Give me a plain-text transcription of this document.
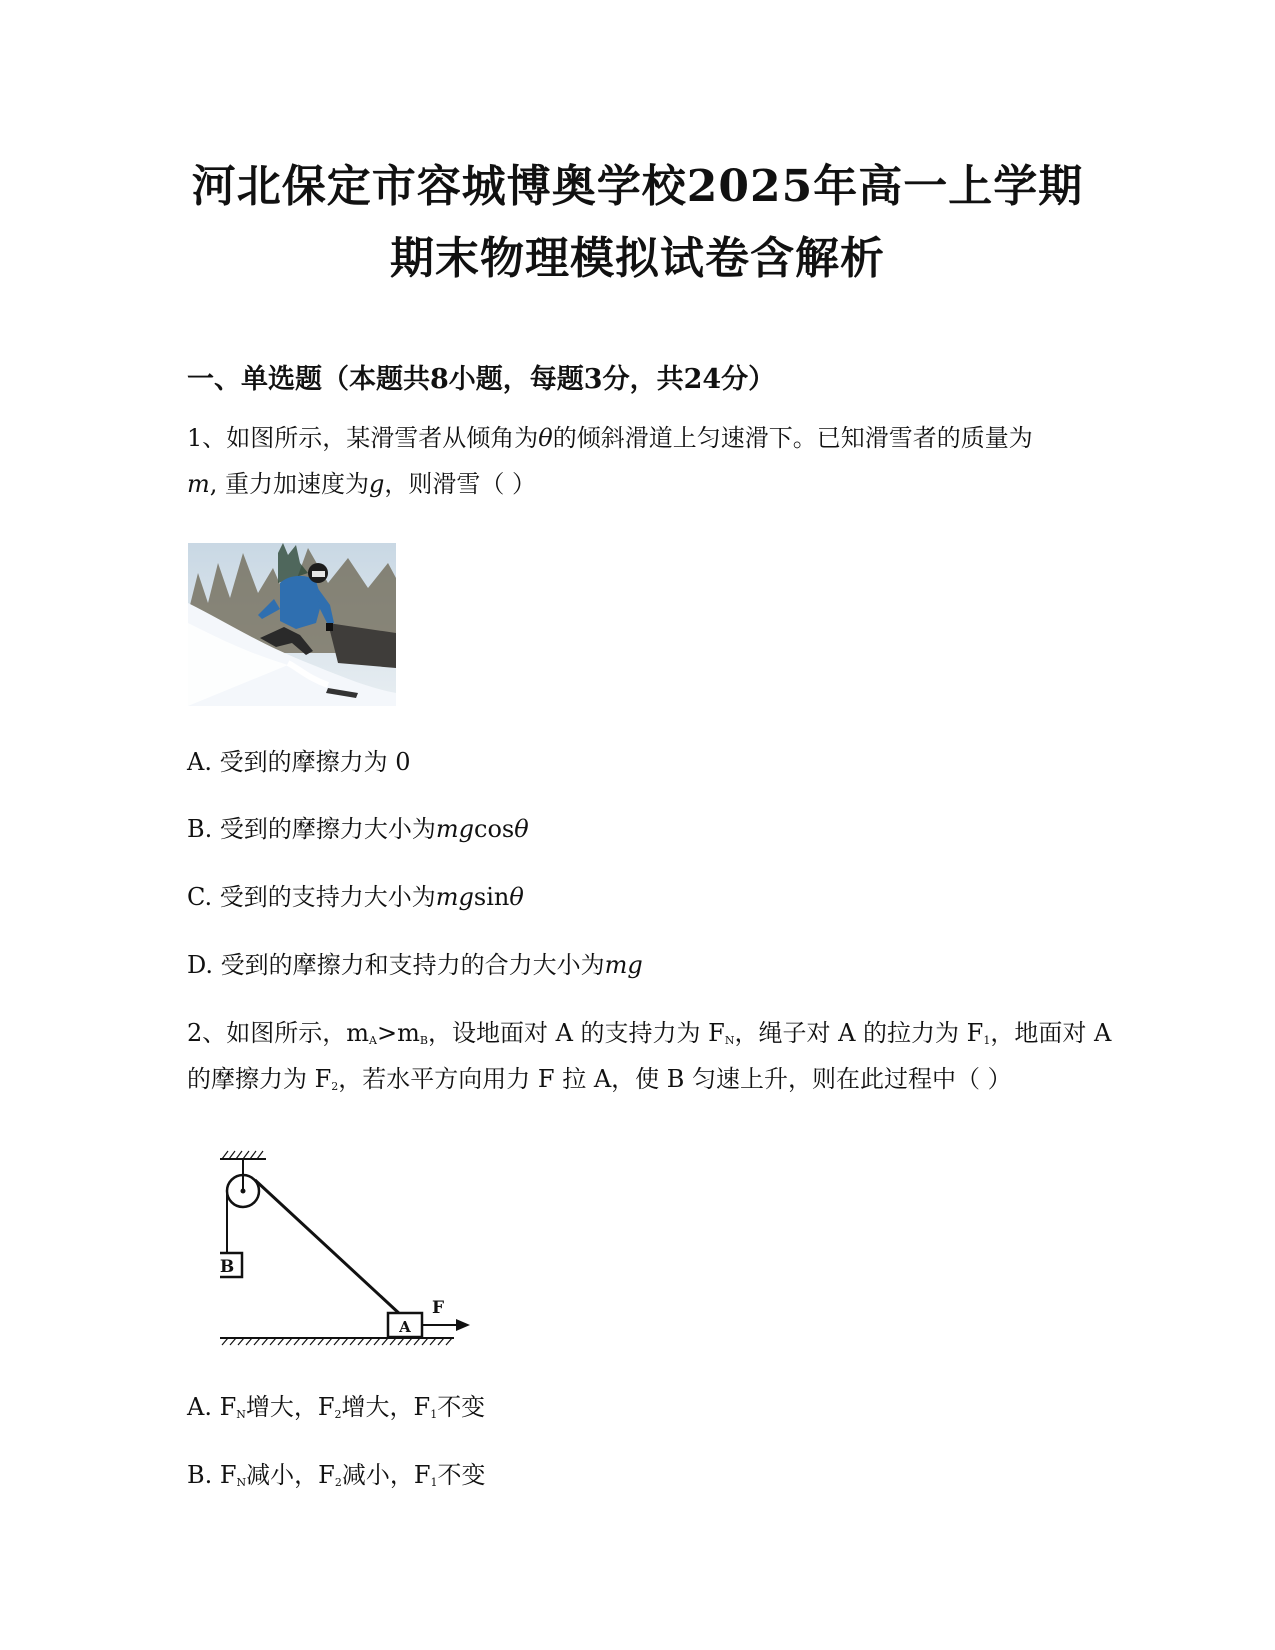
河北保定市容城博奥学校2025年高一上学期
期末物理模拟试卷含解析
一、单选题（本题共8小题，每题3分，共24分）
1、如图所示，某滑雪者从倾角为θ的倾斜滑道上匀速滑下。已知滑雪者的质量为
m, 重力加速度为g，则滑雪（ ）
A. 受到的摩擦力为 0
B. 受到的摩擦力大小为mgcosθ
C. 受到的支持力大小为mgsinθ
D. 受到的摩擦力和支持力的合力大小为mg
2、如图所示，$m_A>m_B$，设地面对 A 的支持力为 $F_N$，绳子对 A 的拉力为 $F_1$，地面对 A
的摩擦力为 $F_2$，若水平方向用力 F 拉 A，使 B 匀速上升，则在此过程中（ ）
B
A
F
A. $F_N$增大，$F_2$增大，$F_1$不变
B. $F_N$减小，$F_2$减小，$F_1$不变
